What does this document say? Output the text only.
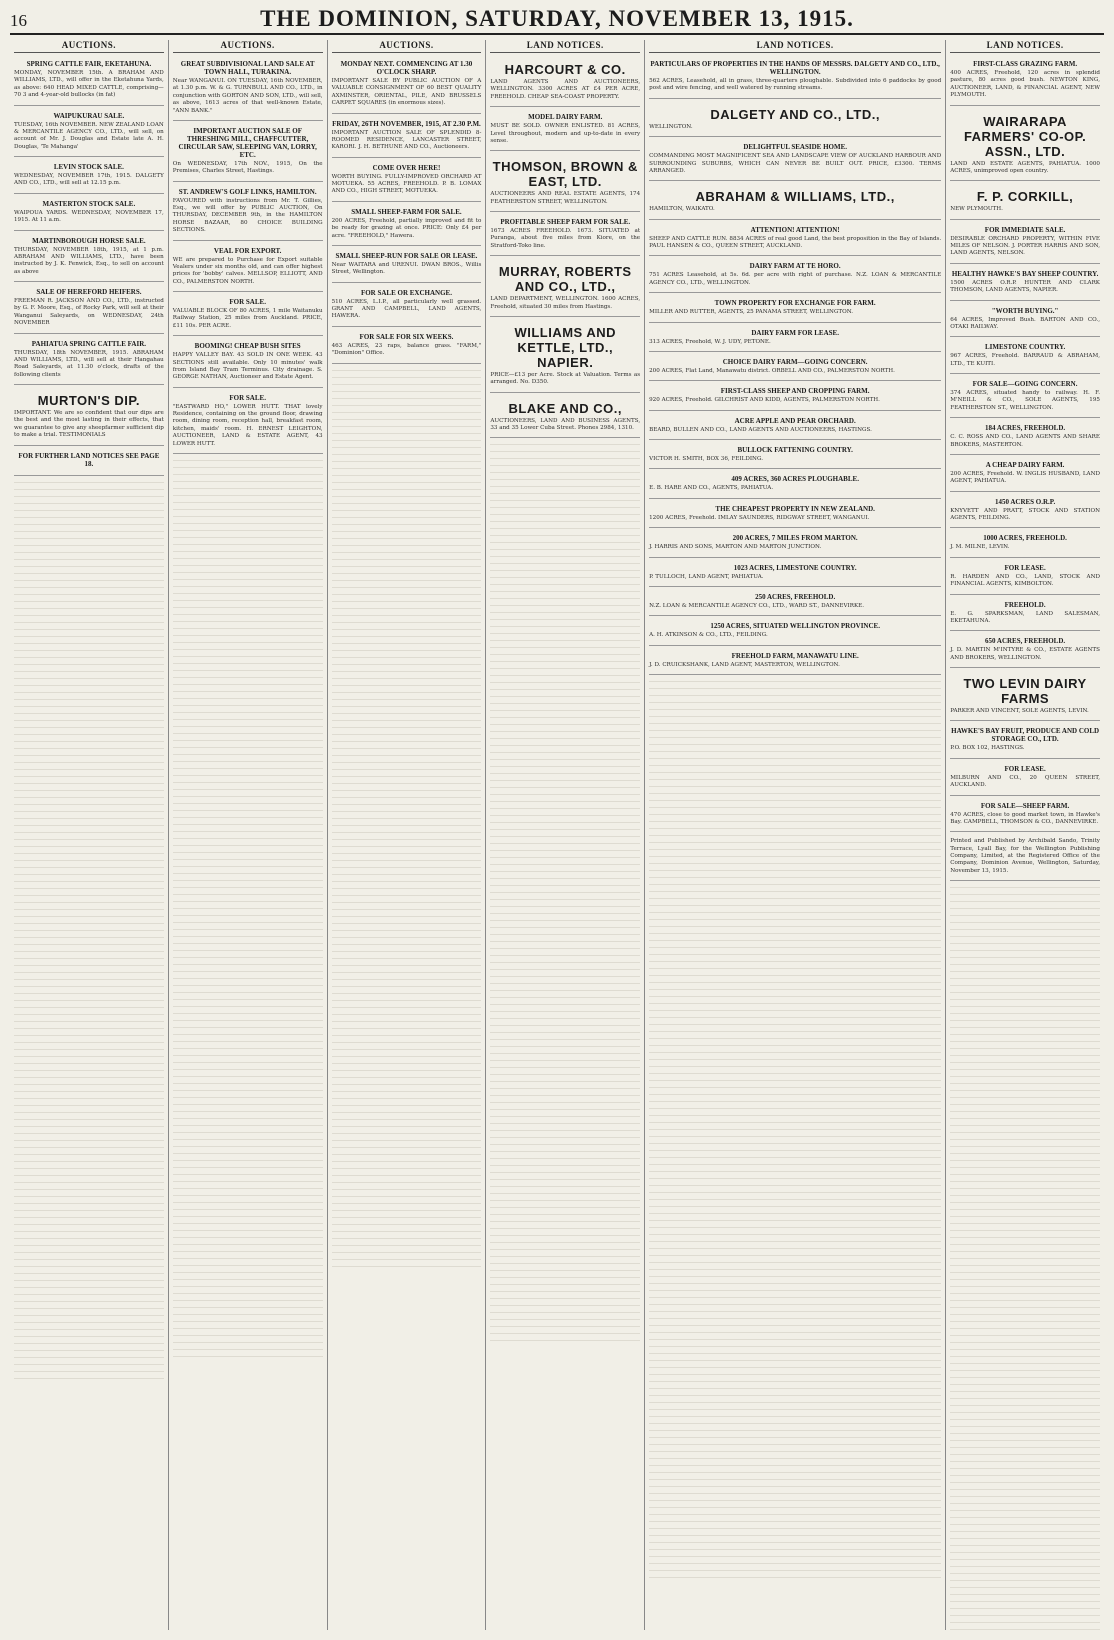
16	THE DOMINION, SATURDAY, NOVEMBER 13, 1915.
AUCTIONS.
SPRING CATTLE FAIR, EKETAHUNA.
MONDAY, NOVEMBER 15th. A BRAHAM AND WILLIAMS, LTD., will offer in the Eketahuna Yards, as above: 640 HEAD MIXED CATTLE, comprising— 70 3 and 4-year-old bullocks (in fat)
WAIPUKURAU SALE.
TUESDAY, 16th NOVEMBER. NEW ZEALAND LOAN & MERCANTILE AGENCY CO., LTD., will sell, on account of Mr. J. Douglas and Estate late A. H. Douglas, 'Te Mahanga'
LEVIN STOCK SALE.
WEDNESDAY, NOVEMBER 17th, 1915. DALGETY AND CO., LTD., will sell at 12.15 p.m.
MASTERTON STOCK SALE.
WAIPOUA YARDS. WEDNESDAY, NOVEMBER 17, 1915. At 11 a.m.
MARTINBOROUGH HORSE SALE.
THURSDAY, NOVEMBER 18th, 1915, at 1 p.m. ABRAHAM AND WILLIAMS, LTD., have been instructed by J. K. Fenwick, Esq., to sell on account as above
SALE OF HEREFORD HEIFERS.
FREEMAN R. JACKSON AND CO., LTD., instructed by G. F. Moore, Esq., of Rocky Park, will sell at their Wanganui Saleyards, on WEDNESDAY, 24th NOVEMBER
PAHIATUA SPRING CATTLE FAIR.
THURSDAY, 18th NOVEMBER, 1915. ABRAHAM AND WILLIAMS, LTD., will sell at their Hangahau Road Saleyards, at 11.30 o'clock, drafts of the following clients
MURTON'S DIP.
IMPORTANT. We are so confident that our dips are the best and the most lasting in their effects, that we guarantee to give any sheepfarmer sufficient dip to make a trial. TESTIMONIALS
FOR FURTHER LAND NOTICES SEE PAGE 18.
AUCTIONS.
GREAT SUBDIVISIONAL LAND SALE AT TOWN HALL, TURAKINA.
Near WANGANUI. ON TUESDAY, 16th NOVEMBER, at 1.30 p.m. W. & G. TURNBULL AND CO., LTD., in conjunction with GORTON AND SON, LTD., will sell, as above, 1613 acres of that well-known Estate, "ANN BANK."
IMPORTANT AUCTION SALE OF THRESHING MILL, CHAFFCUTTER, CIRCULAR SAW, SLEEPING VAN, LORRY, ETC.
On WEDNESDAY, 17th NOV., 1915, On the Premises, Charles Street, Hastings.
ST. ANDREW'S GOLF LINKS, HAMILTON.
FAVOURED with instructions from Mr. T. Gillies, Esq., we will offer by PUBLIC AUCTION, On THURSDAY, DECEMBER 9th, in the HAMILTON HORSE BAZAAR, 80 CHOICE BUILDING SECTIONS.
VEAL FOR EXPORT.
WE are prepared to Purchase for Export suitable Vealers under six months old, and can offer highest prices for 'bobby' calves. MELLSOP, ELLIOTT, AND CO., PALMERSTON NORTH.
FOR SALE.
VALUABLE BLOCK OF 80 ACRES, 1 mile Waitanuku Railway Station, 25 miles from Auckland. PRICE, £11 10s. PER ACRE.
BOOMING! CHEAP BUSH SITES
HAPPY VALLEY BAY. 43 SOLD IN ONE WEEK. 43 SECTIONS still available. Only 10 minutes' walk from Island Bay Tram Terminus. City drainage. S. GEORGE NATHAN, Auctioneer and Estate Agent.
FOR SALE.
"EASTWARD HO," LOWER HUTT. THAT lovely Residence, containing on the ground floor, drawing room, dining room, reception hall, breakfast room, kitchen, maids' room. H. ERNEST LEIGHTON, AUCTIONEER, LAND & ESTATE AGENT, 43 LOWER HUTT.
AUCTIONS.
MONDAY NEXT. COMMENCING AT 1.30 O'CLOCK SHARP.
IMPORTANT SALE BY PUBLIC AUCTION OF A VALUABLE CONSIGNMENT OF 60 BEST QUALITY AXMINSTER, ORIENTAL, PILE, AND BRUSSELS CARPET SQUARES (in enormous sizes).
FRIDAY, 26TH NOVEMBER, 1915, AT 2.30 P.M.
IMPORTANT AUCTION SALE OF SPLENDID 8-ROOMED RESIDENCE, LANCASTER STREET, KARORI. J. H. BETHUNE AND CO., Auctioneers.
COME OVER HERE!
WORTH BUYING. FULLY-IMPROVED ORCHARD AT MOTUEKA. 55 ACRES, FREEHOLD. P. B. LOMAX AND CO., HIGH STREET, MOTUEKA.
SMALL SHEEP-FARM FOR SALE.
200 ACRES, Freehold, partially improved and fit to be ready for grazing at once. PRICE: Only £4 per acre. "FREEHOLD," Hawera.
SMALL SHEEP-RUN FOR SALE OR LEASE.
Near WAITARA and URENUI. DWAN BROS., Willis Street, Wellington.
FOR SALE OR EXCHANGE.
510 ACRES, L.I.P., all particularly well grassed. GRANT AND CAMPBELL, LAND AGENTS, HAWERA.
FOR SALE FOR SIX WEEKS.
463 ACRES, 23 raps, balance grass. "FARM," "Dominion" Office.
LAND NOTICES.
HARCOURT & CO.
LAND AGENTS AND AUCTIONEERS, WELLINGTON. 3300 ACRES AT £4 PER ACRE, FREEHOLD. CHEAP SEA-COAST PROPERTY.
MODEL DAIRY FARM.
MUST BE SOLD. OWNER ENLISTED. 81 ACRES, Level throughout, modern and up-to-date in every sense.
THOMSON, BROWN & EAST, LTD.
AUCTIONEERS AND REAL ESTATE AGENTS, 174 FEATHERSTON STREET, WELLINGTON.
PROFITABLE SHEEP FARM FOR SALE.
1673 ACRES FREEHOLD. 1673. SITUATED at Puranga, about five miles from Kiore, on the Stratford-Toko line.
MURRAY, ROBERTS AND CO., LTD.,
LAND DEPARTMENT, WELLINGTON. 1600 ACRES, Freehold, situated 30 miles from Hastings.
WILLIAMS AND KETTLE, LTD., NAPIER.
PRICE—£13 per Acre. Stock at Valuation. Terms as arranged. No. D350.
BLAKE AND CO.,
AUCTIONEERS, LAND AND BUSINESS AGENTS, 33 and 35 Lower Cuba Street. Phones 2984, 1310.
LAND NOTICES.
PARTICULARS OF PROPERTIES IN THE HANDS OF MESSRS. DALGETY AND CO., LTD., WELLINGTON.
562 ACRES, Leasehold, all in grass, three-quarters ploughable. Subdivided into 6 paddocks by good post and wire fencing, and well watered by running streams.
DALGETY AND CO., LTD.,
WELLINGTON.
DELIGHTFUL SEASIDE HOME.
COMMANDING MOST MAGNIFICENT SEA AND LANDSCAPE VIEW OF AUCKLAND HARBOUR AND SURROUNDING SUBURBS, WHICH CAN NEVER BE BUILT OUT. PRICE, £3300. TERMS ARRANGED.
ABRAHAM & WILLIAMS, LTD.,
HAMILTON, WAIKATO.
ATTENTION! ATTENTION!
SHEEP AND CATTLE RUN. 8834 ACRES of real good Land, the best proposition in the Bay of Islands. PAUL HANSEN & CO., QUEEN STREET, AUCKLAND.
DAIRY FARM AT TE HORO.
751 ACRES Leasehold, at 5s. 6d. per acre with right of purchase. N.Z. LOAN & MERCANTILE AGENCY CO., LTD., WELLINGTON.
TOWN PROPERTY FOR EXCHANGE FOR FARM.
MILLER AND RUTTER, AGENTS, 25 PANAMA STREET, WELLINGTON.
DAIRY FARM FOR LEASE.
313 ACRES, Freehold, W. J. UDY, PETONE.
CHOICE DAIRY FARM—GOING CONCERN.
200 ACRES, Flat Land, Manawatu district. ORBELL AND CO., PALMERSTON NORTH.
FIRST-CLASS SHEEP AND CROPPING FARM.
920 ACRES, Freehold. GILCHRIST AND KIDD, AGENTS, PALMERSTON NORTH.
ACRE APPLE AND PEAR ORCHARD.
BEARD, BULLEN AND CO., LAND AGENTS AND AUCTIONEERS, HASTINGS.
BULLOCK FATTENING COUNTRY.
VICTOR H. SMITH, BOX 36, FEILDING.
409 ACRES, 360 ACRES PLOUGHABLE.
E. B. HARE AND CO., AGENTS, PAHIATUA.
THE CHEAPEST PROPERTY IN NEW ZEALAND.
1200 ACRES, Freehold. IMLAY SAUNDERS, RIDGWAY STREET, WANGANUI.
200 ACRES, 7 MILES FROM MARTON.
J. HARRIS AND SONS, MARTON AND MARTON JUNCTION.
1023 ACRES, LIMESTONE COUNTRY.
P. TULLOCH, LAND AGENT, PAHIATUA.
250 ACRES, FREEHOLD.
N.Z. LOAN & MERCANTILE AGENCY CO., LTD., WARD ST., DANNEVIRKE.
1250 ACRES, SITUATED WELLINGTON PROVINCE.
A. H. ATKINSON & CO., LTD., FEILDING.
FREEHOLD FARM, MANAWATU LINE.
J. D. CRUICKSHANK, LAND AGENT, MASTERTON, WELLINGTON.
LAND NOTICES.
FIRST-CLASS GRAZING FARM.
400 ACRES, Freehold, 120 acres in splendid pasture, 80 acres good bush. NEWTON KING, AUCTIONEER, LAND, & FINANCIAL AGENT, NEW PLYMOUTH.
WAIRARAPA FARMERS' CO-OP. ASSN., LTD.
LAND AND ESTATE AGENTS, PAHIATUA. 1000 ACRES, unimproved open country.
F. P. CORKILL,
NEW PLYMOUTH.
FOR IMMEDIATE SALE.
DESIRABLE ORCHARD PROPERTY, WITHIN FIVE MILES OF NELSON. J. PORTER HARRIS AND SON, LAND AGENTS, NELSON.
HEALTHY HAWKE'S BAY SHEEP COUNTRY.
1500 ACRES O.R.P. HUNTER AND CLARK THOMSON, LAND AGENTS, NAPIER.
"WORTH BUYING."
64 ACRES, Improved Bush. BARTON AND CO., OTAKI RAILWAY.
LIMESTONE COUNTRY.
967 ACRES, Freehold. BARRAUD & ABRAHAM, LTD., TE KUITI.
FOR SALE—GOING CONCERN.
374 ACRES, situated handy to railway. H. F. M'NEILL & CO., SOLE AGENTS, 195 FEATHERSTON ST., WELLINGTON.
184 ACRES, FREEHOLD.
C. C. ROSS AND CO., LAND AGENTS AND SHARE BROKERS, MASTERTON.
A CHEAP DAIRY FARM.
200 ACRES, Freehold. W. INGLIS HUSBAND, LAND AGENT, PAHIATUA.
1450 ACRES O.R.P.
KNYVETT AND PRATT, STOCK AND STATION AGENTS, FEILDING.
1000 ACRES, FREEHOLD.
J. M. MILNE, LEVIN.
FOR LEASE.
R. HARDEN AND CO., LAND, STOCK AND FINANCIAL AGENTS, KIMBOLTON.
FREEHOLD.
E. G. SPARKSMAN, LAND SALESMAN, EKETAHUNA.
650 ACRES, FREEHOLD.
J. D. MARTIN M'INTYRE & CO., ESTATE AGENTS AND BROKERS, WELLINGTON.
TWO LEVIN DAIRY FARMS
PARKER AND VINCENT, SOLE AGENTS, LEVIN.
HAWKE'S BAY FRUIT, PRODUCE AND COLD STORAGE CO., LTD.
P.O. BOX 102, HASTINGS.
FOR LEASE.
MILBURN AND CO., 20 QUEEN STREET, AUCKLAND.
FOR SALE—SHEEP FARM.
470 ACRES, close to good market town, in Hawke's Bay. CAMPBELL, THOMSON & CO., DANNEVIRKE.
Printed and Published by Archibald Sando, Trinity Terrace, Lyall Bay, for the Wellington Publishing Company, Limited, at the Registered Office of the Company, Dominion Avenue, Wellington, Saturday, November 13, 1915.
